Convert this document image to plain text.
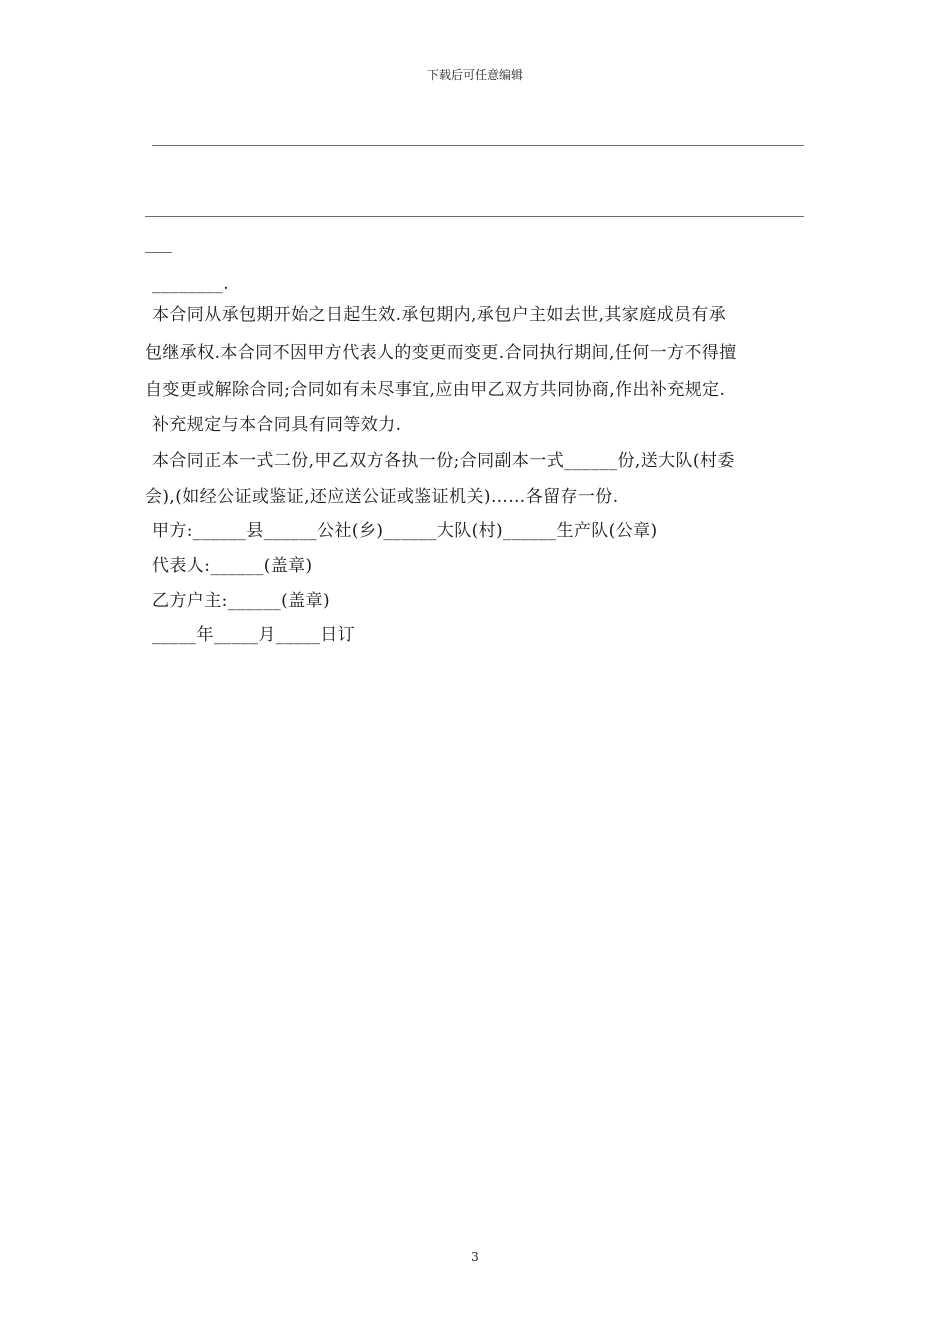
下载后可任意编辑
________.
本合同从承包期开始之日起生效.承包期内,承包户主如去世,其家庭成员有承
包继承权.本合同不因甲方代表人的变更而变更.合同执行期间,任何一方不得擅
自变更或解除合同;合同如有未尽事宜,应由甲乙双方共同协商,作出补充规定.
补充规定与本合同具有同等效力.
本合同正本一式二份,甲乙双方各执一份;合同副本一式______份,送大队(村委
会),(如经公证或鉴证,还应送公证或鉴证机关)……各留存一份.
甲方:______县______公社(乡)______大队(村)______生产队(公章)
代表人:______(盖章)
乙方户主:______(盖章)
_____年_____月_____日订
3
